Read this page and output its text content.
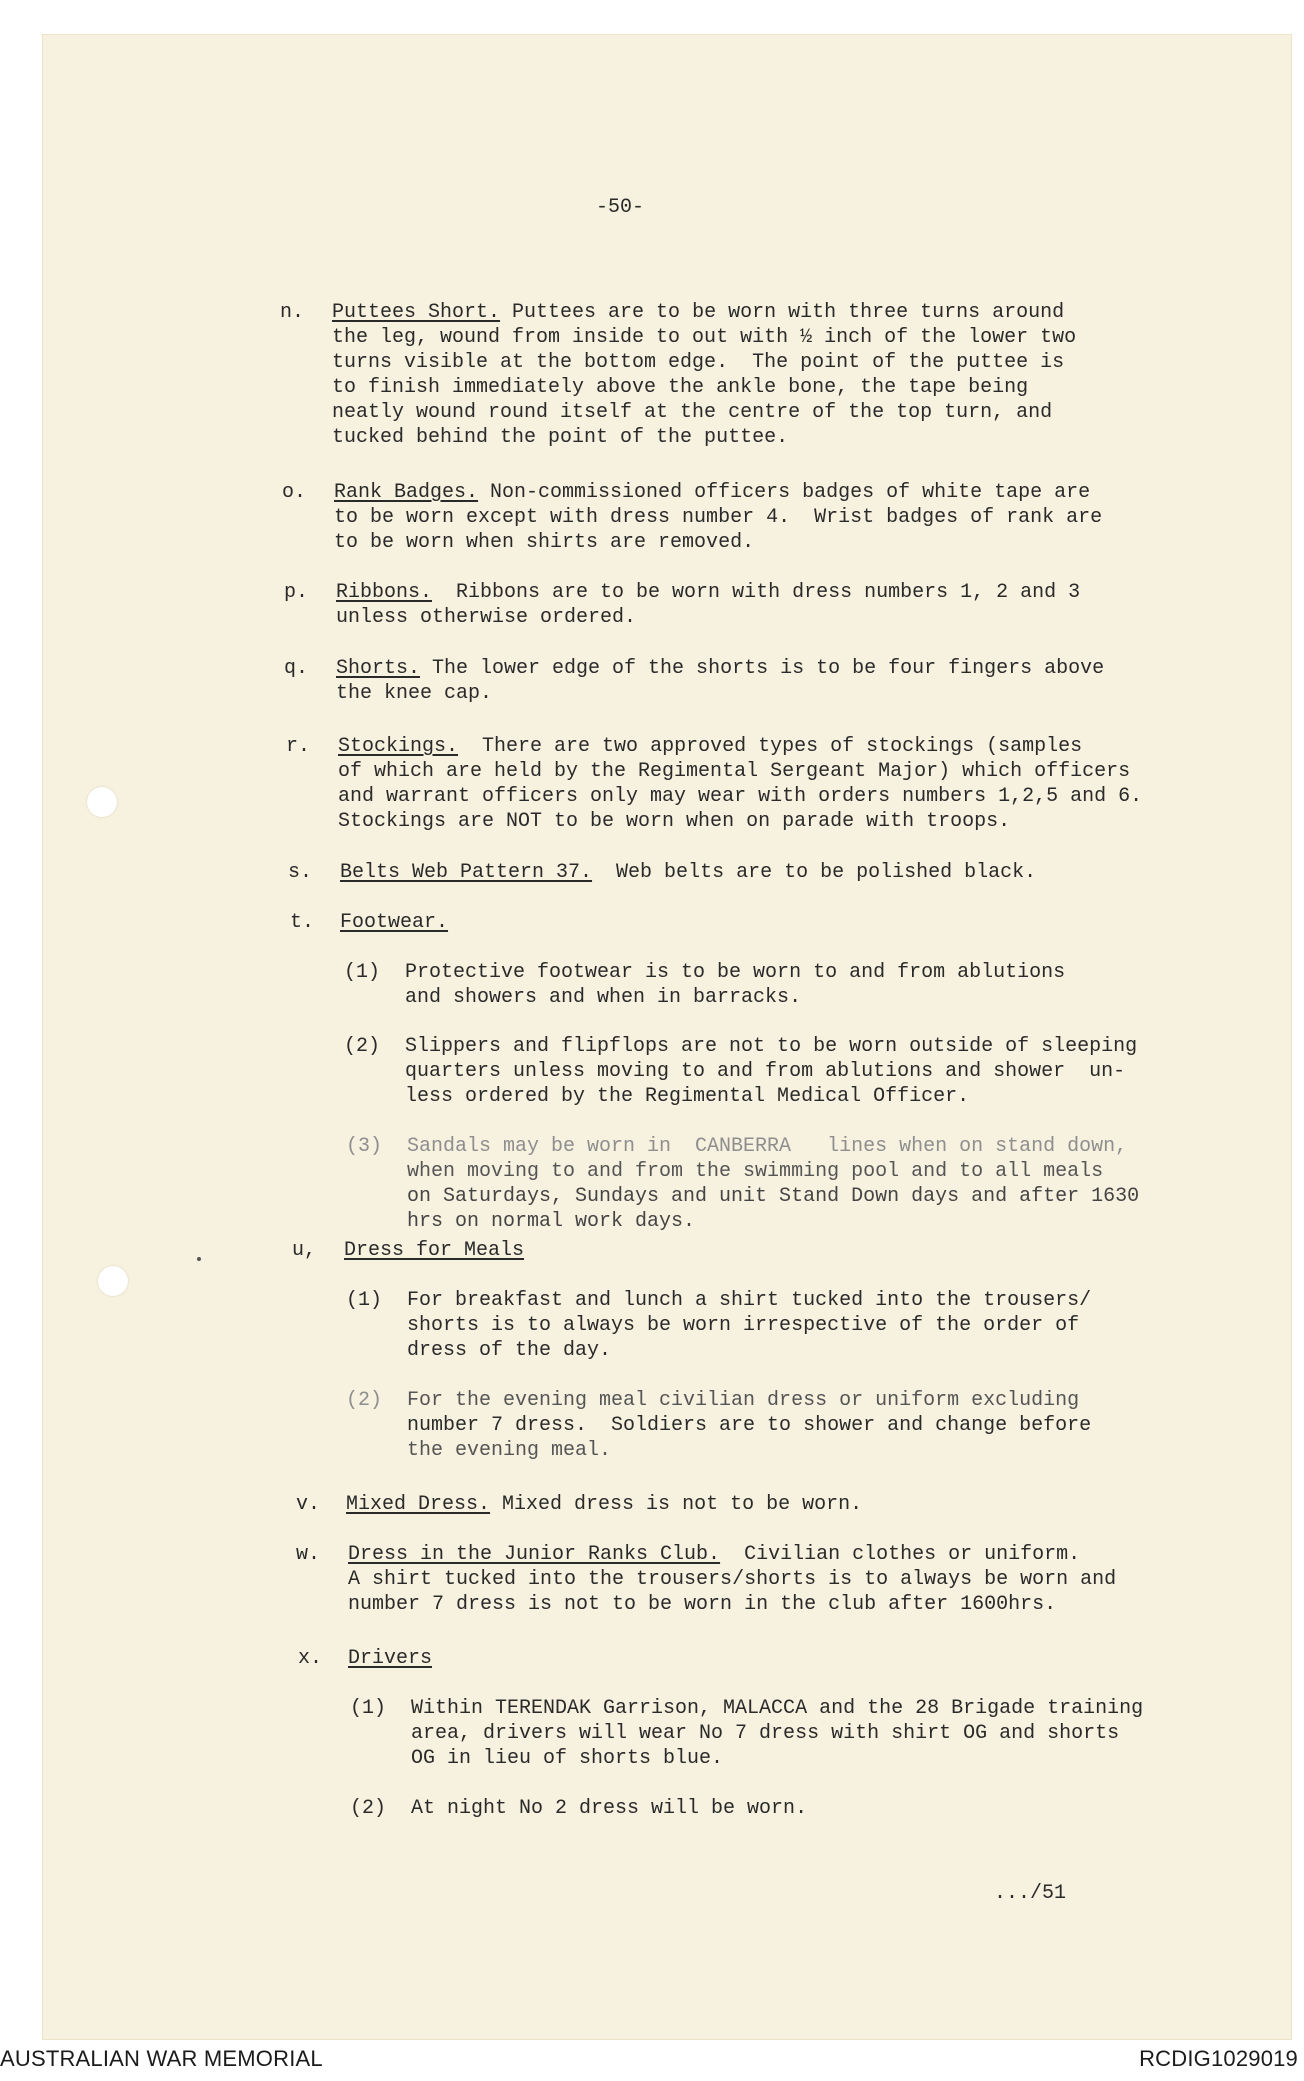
-50-
n.	Puttees Short. Puttees are to be worn with three turns around
the leg, wound from inside to out with ½ inch of the lower two
turns visible at the bottom edge.  The point of the puttee is
to finish immediately above the ankle bone, the tape being
neatly wound round itself at the centre of the top turn, and
tucked behind the point of the puttee.
o.	Rank Badges. Non-commissioned officers badges of white tape are
to be worn except with dress number 4.  Wrist badges of rank are
to be worn when shirts are removed.
p.	Ribbons.  Ribbons are to be worn with dress numbers 1, 2 and 3
unless otherwise ordered.
q.	Shorts. The lower edge of the shorts is to be four fingers above
the knee cap.
r.	Stockings.  There are two approved types of stockings (samples
of which are held by the Regimental Sergeant Major) which officers
and warrant officers only may wear with orders numbers 1,2,5 and 6.
Stockings are NOT to be worn when on parade with troops.
s.	Belts Web Pattern 37.  Web belts are to be polished black.
t.	Footwear.
(1) Protective footwear is to be worn to and from ablutions
and showers and when in barracks.
(2) Slippers and flipflops are not to be worn outside of sleeping
quarters unless moving to and from ablutions and shower  un-
less ordered by the Regimental Medical Officer.
(3) Sandals may be worn in  CANBERRA   lines when on stand down,
when moving to and from the swimming pool and to all meals
on Saturdays, Sundays and unit Stand Down days and after 1630
hrs on normal work days.
u,	Dress for Meals
(1) For breakfast and lunch a shirt tucked into the trousers/
shorts is to always be worn irrespective of the order of
dress of the day.
(2) For the evening meal civilian dress or uniform excluding
number 7 dress.  Soldiers are to shower and change before
the evening meal.
v.	Mixed Dress. Mixed dress is not to be worn.
w.	Dress in the Junior Ranks Club.  Civilian clothes or uniform.
A shirt tucked into the trousers/shorts is to always be worn and
number 7 dress is not to be worn in the club after 1600hrs.
x.	Drivers
(1) Within TERENDAK Garrison, MALACCA and the 28 Brigade training
area, drivers will wear No 7 dress with shirt OG and shorts
OG in lieu of shorts blue.
(2) At night No 2 dress will be worn.
.../51
AUSTRALIAN WAR MEMORIAL	RCDIG1029019
